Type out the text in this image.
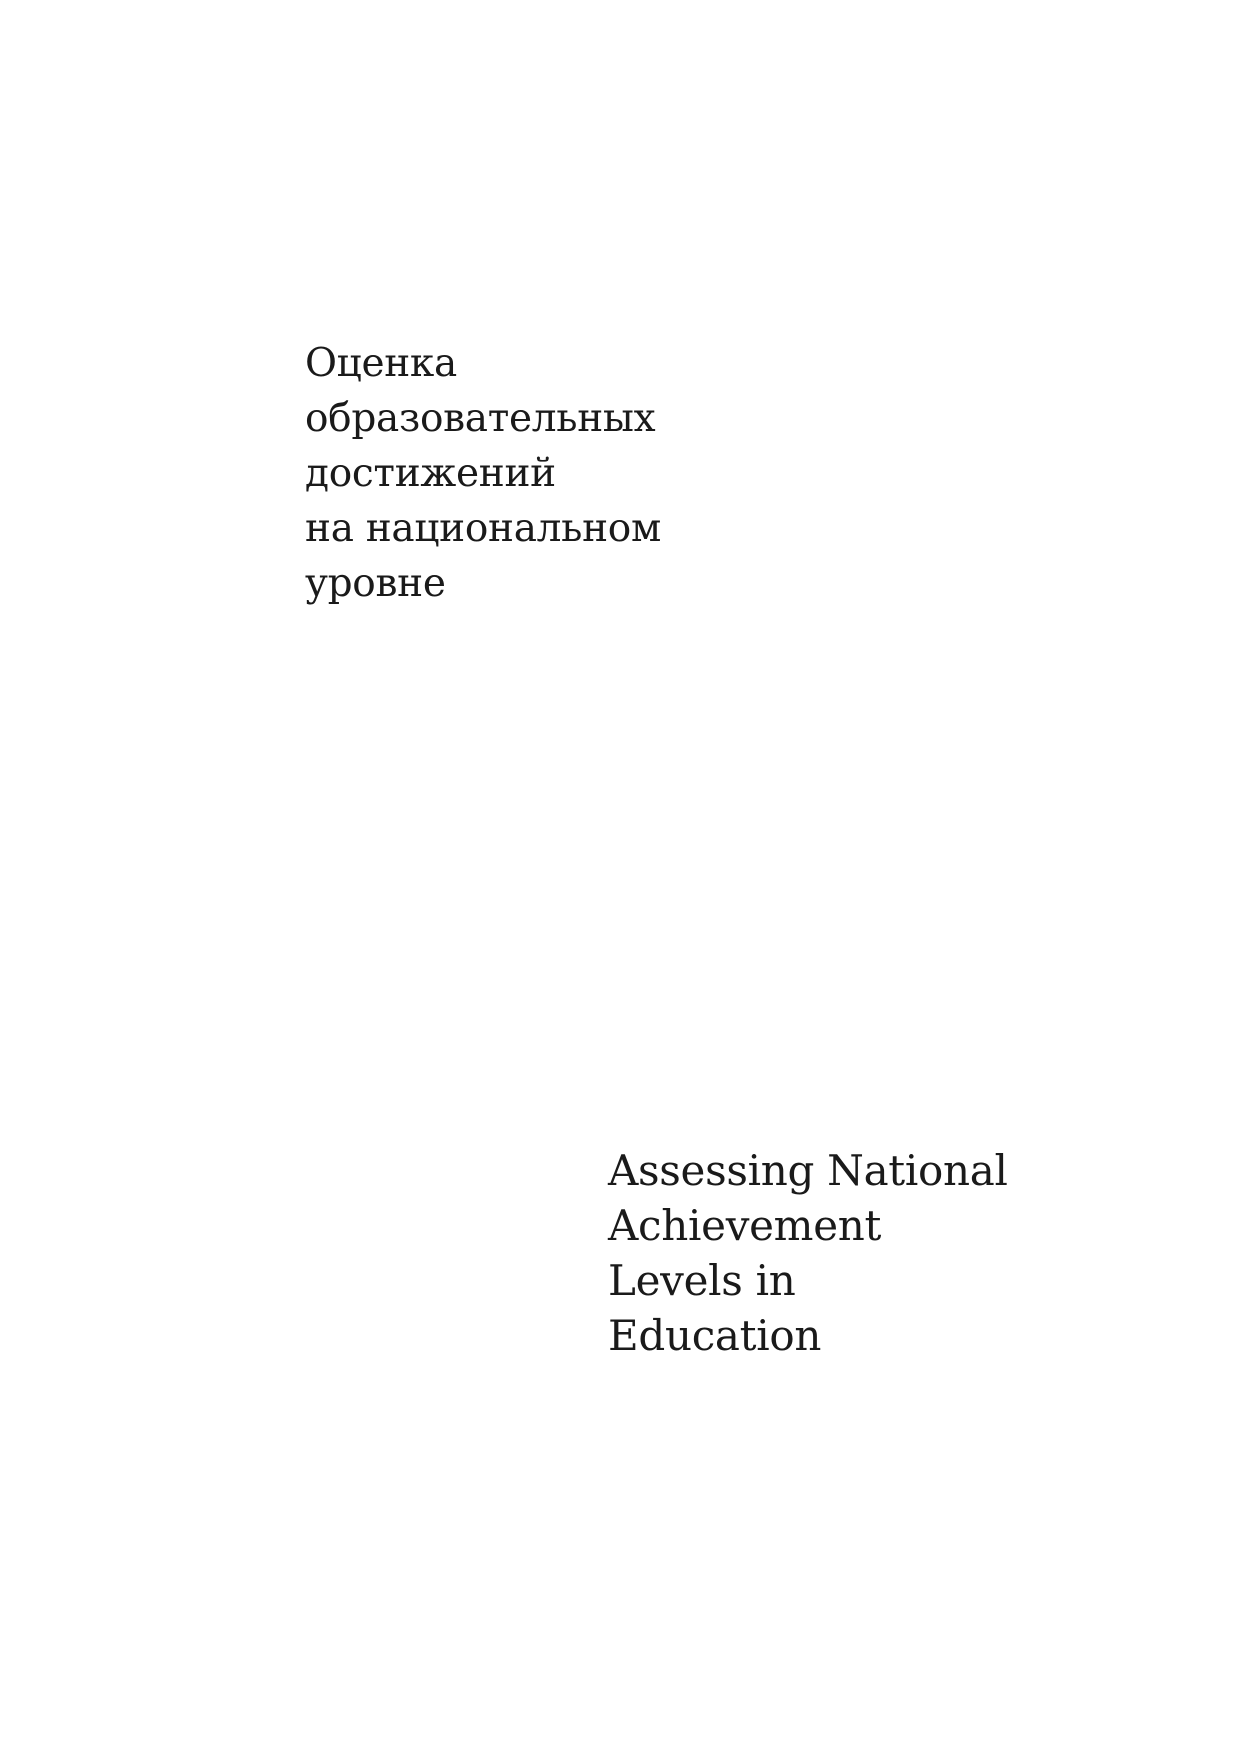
Оценка
образовательных
достижений
на национальном
уровне
Assessing National
Achievement
Levels in
Education
